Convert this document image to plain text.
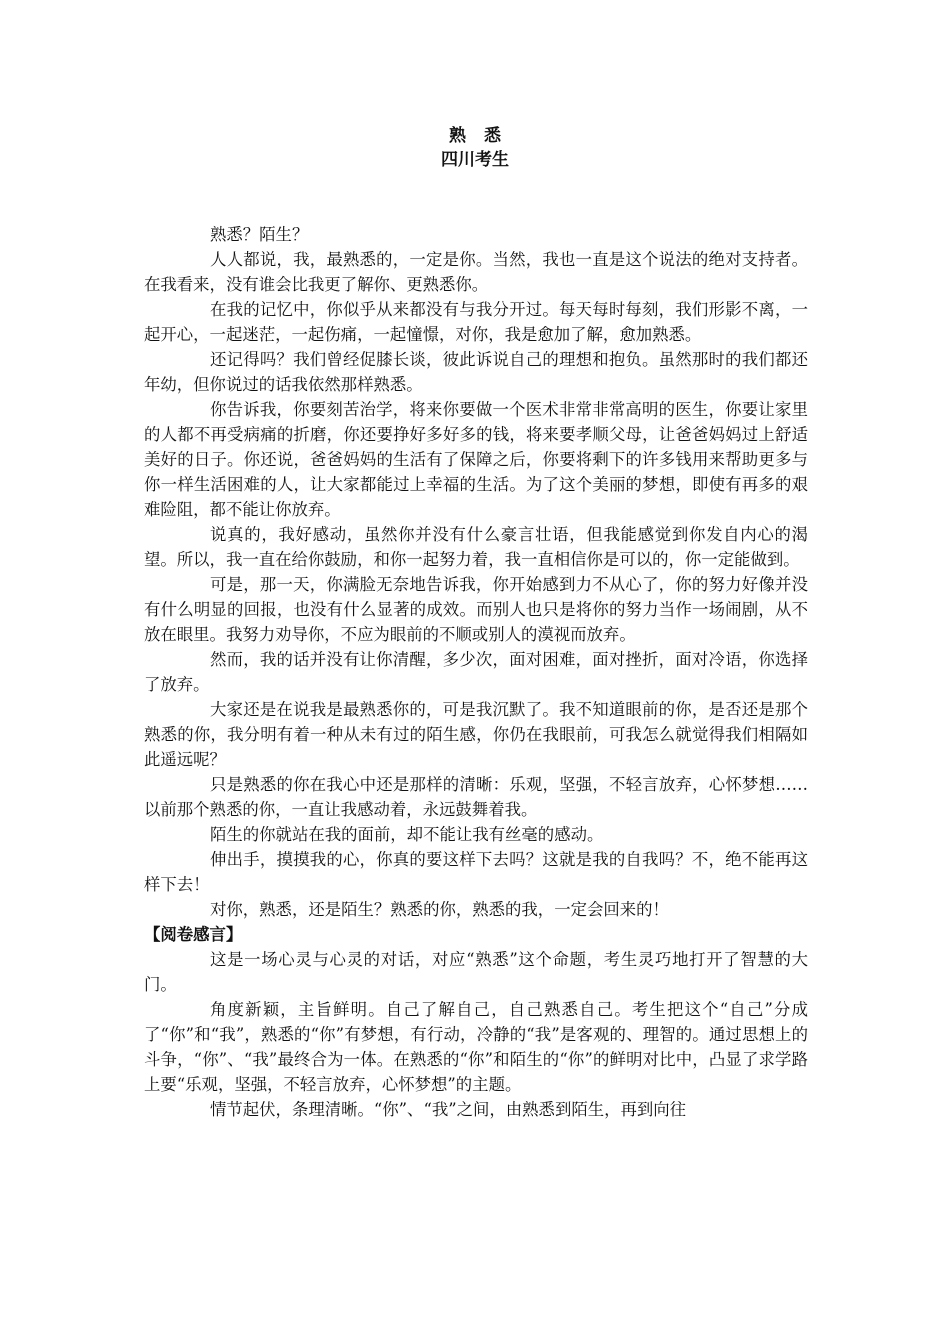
熟 悉
四川考生

熟悉？陌生？

人人都说，我，最熟悉的，一定是你。当然，我也一直是这个说法的绝对支持者。在我看来，没有谁会比我更了解你、更熟悉你。

在我的记忆中，你似乎从来都没有与我分开过。每天每时每刻，我们形影不离，一起开心，一起迷茫，一起伤痛，一起憧憬，对你，我是愈加了解，愈加熟悉。

还记得吗？我们曾经促膝长谈，彼此诉说自己的理想和抱负。虽然那时的我们都还年幼，但你说过的话我依然那样熟悉。

你告诉我，你要刻苦治学，将来你要做一个医术非常非常高明的医生，你要让家里的人都不再受病痛的折磨，你还要挣好多好多的钱，将来要孝顺父母，让爸爸妈妈过上舒适美好的日子。你还说，爸爸妈妈的生活有了保障之后，你要将剩下的许多钱用来帮助更多与你一样生活困难的人，让大家都能过上幸福的生活。为了这个美丽的梦想，即使有再多的艰难险阻，都不能让你放弃。

说真的，我好感动，虽然你并没有什么豪言壮语，但我能感觉到你发自内心的渴望。所以，我一直在给你鼓励，和你一起努力着，我一直相信你是可以的，你一定能做到。

可是，那一天，你满脸无奈地告诉我，你开始感到力不从心了，你的努力好像并没有什么明显的回报，也没有什么显著的成效。而别人也只是将你的努力当作一场闹剧，从不放在眼里。我努力劝导你，不应为眼前的不顺或别人的漠视而放弃。

然而，我的话并没有让你清醒，多少次，面对困难，面对挫折，面对冷语，你选择了放弃。

大家还是在说我是最熟悉你的，可是我沉默了。我不知道眼前的你，是否还是那个熟悉的你，我分明有着一种从未有过的陌生感，你仍在我眼前，可我怎么就觉得我们相隔如此遥远呢？

只是熟悉的你在我心中还是那样的清晰：乐观，坚强，不轻言放弃，心怀梦想……以前那个熟悉的你，一直让我感动着，永远鼓舞着我。

陌生的你就站在我的面前，却不能让我有丝毫的感动。

伸出手，摸摸我的心，你真的要这样下去吗？这就是我的自我吗？不，绝不能再这样下去！

对你，熟悉，还是陌生？熟悉的你，熟悉的我，一定会回来的！

【阅卷感言】

这是一场心灵与心灵的对话，对应“熟悉”这个命题，考生灵巧地打开了智慧的大门。

角度新颖，主旨鲜明。自己了解自己，自己熟悉自己。考生把这个“自己”分成了“你”和“我”，熟悉的“你”有梦想，有行动，冷静的“我”是客观的、理智的。通过思想上的斗争，“你”、“我”最终合为一体。在熟悉的“你”和陌生的“你”的鲜明对比中，凸显了求学路上要“乐观，坚强，不轻言放弃，心怀梦想”的主题。

情节起伏，条理清晰。“你”、“我”之间，由熟悉到陌生，再到向往
